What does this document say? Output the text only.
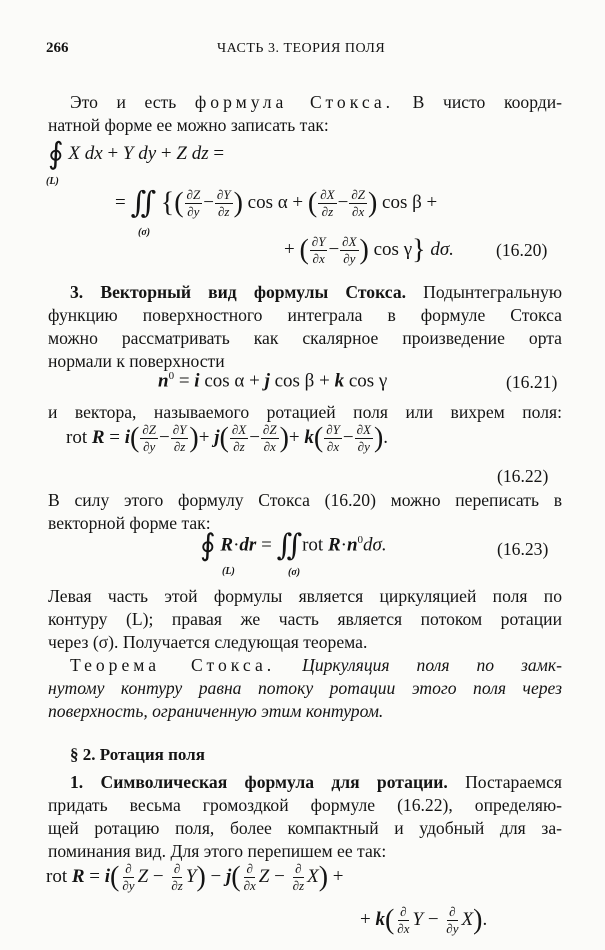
266	ЧАСТЬ 3. ТЕОРИЯ ПОЛЯ
Это и есть формула Стокса. В чисто коорди-
натной форме ее можно записать так:
∮ X dx + Y dy + Z dz =
(L)
= ∬ {( $\frac{\partial Z}{\partial y} - \frac{\partial Y}{\partial z}$ ) cos α + ( $\frac{\partial X}{\partial z} - \frac{\partial Z}{\partial x}$ ) cos β +
(σ)
+ ( $\frac{\partial Y}{\partial x} - \frac{\partial X}{\partial y}$ ) cos γ} dσ. (16.20)
3. Векторный вид формулы Стокса. Подынтегральную
функцию поверхностного интеграла в формуле Стокса
можно рассматривать как скалярное произведение орта
нормали к поверхности
$n^0 = i$ cos α + j cos β + k cos γ	(16.21)
и вектора, называемого ротацией поля или вихрем поля:
rot $R = i( \frac{\partial Z}{\partial y} - \frac{\partial Y}{\partial z}$ )+ $j( \frac{\partial X}{\partial z} - \frac{\partial Z}{\partial x}$ )+ $k( \frac{\partial Y}{\partial x} - \frac{\partial X}{\partial y}$ ).
(16.22)
В силу этого формулу Стокса (16.20) можно переписать в
векторной форме так:
∮ R·dr = ∬rot $R\cdot n^0d\sigma$.
(L)	(σ)
(16.23)
Левая часть этой формулы является циркуляцией поля по
контуру (L); правая же часть является потоком ротации
через (σ). Получается следующая теорема.
Теорема Стокса. Циркуляция поля по замк-
нутому контуру равна потоку ротации этого поля через
поверхность, ограниченную этим контуром.
§ 2. Ротация поля
1. Символическая формула для ротации. Постараемся
придать весьма громоздкой формуле (16.22), определяю-
щей ротацию поля, более компактный и удобный для за-
поминания вид. Для этого перепишем ее так:
rot $R = i( \frac{\partial}{\partial y}$ $Z - \frac{\partial}{\partial z} Y) - j( \frac{\partial}{\partial x}$ $Z - \frac{\partial}{\partial z} X$) +
+ $k( \frac{\partial}{\partial x}$ $Y - \frac{\partial}{\partial y} X$).
